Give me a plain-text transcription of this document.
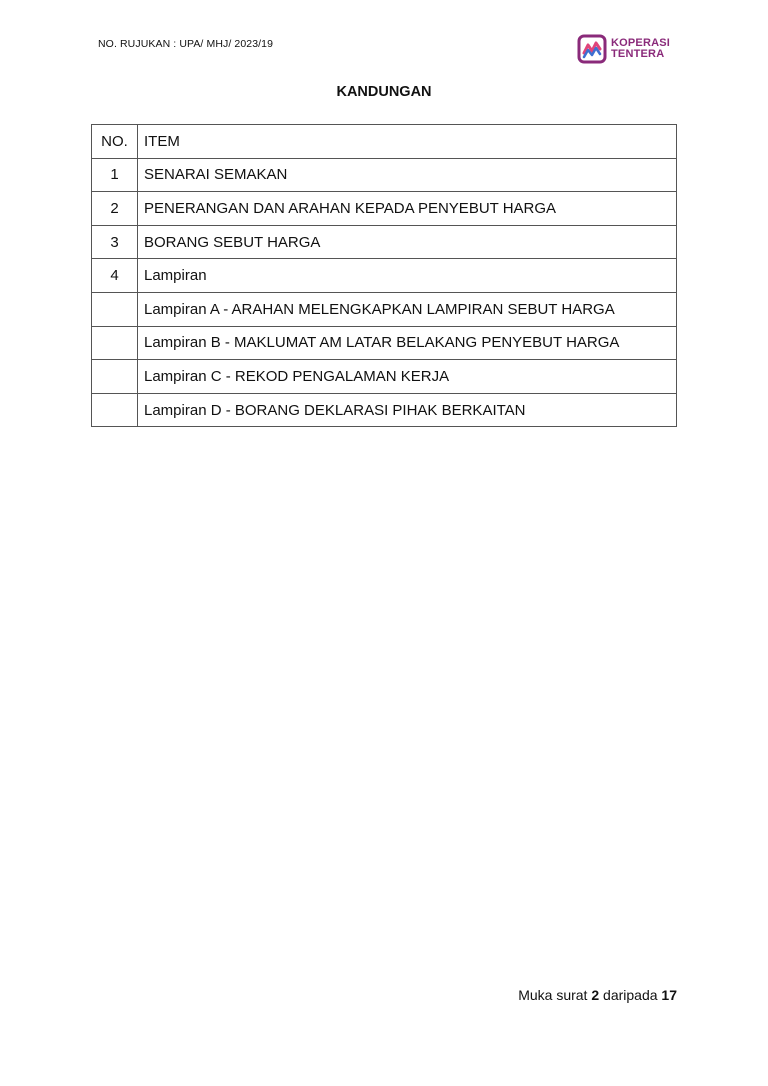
NO. RUJUKAN : UPA/ MHJ/ 2023/19	KOPERASI
TENTERA
KANDUNGAN
NO.	ITEM
1	SENARAI SEMAKAN
2	PENERANGAN DAN ARAHAN KEPADA PENYEBUT HARGA
3	BORANG SEBUT HARGA
4	Lampiran
	Lampiran A - ARAHAN MELENGKAPKAN LAMPIRAN SEBUT HARGA
	Lampiran B - MAKLUMAT AM LATAR BELAKANG PENYEBUT HARGA
	Lampiran C - REKOD PENGALAMAN KERJA
	Lampiran D - BORANG DEKLARASI PIHAK BERKAITAN
Muka surat 2 daripada 17
